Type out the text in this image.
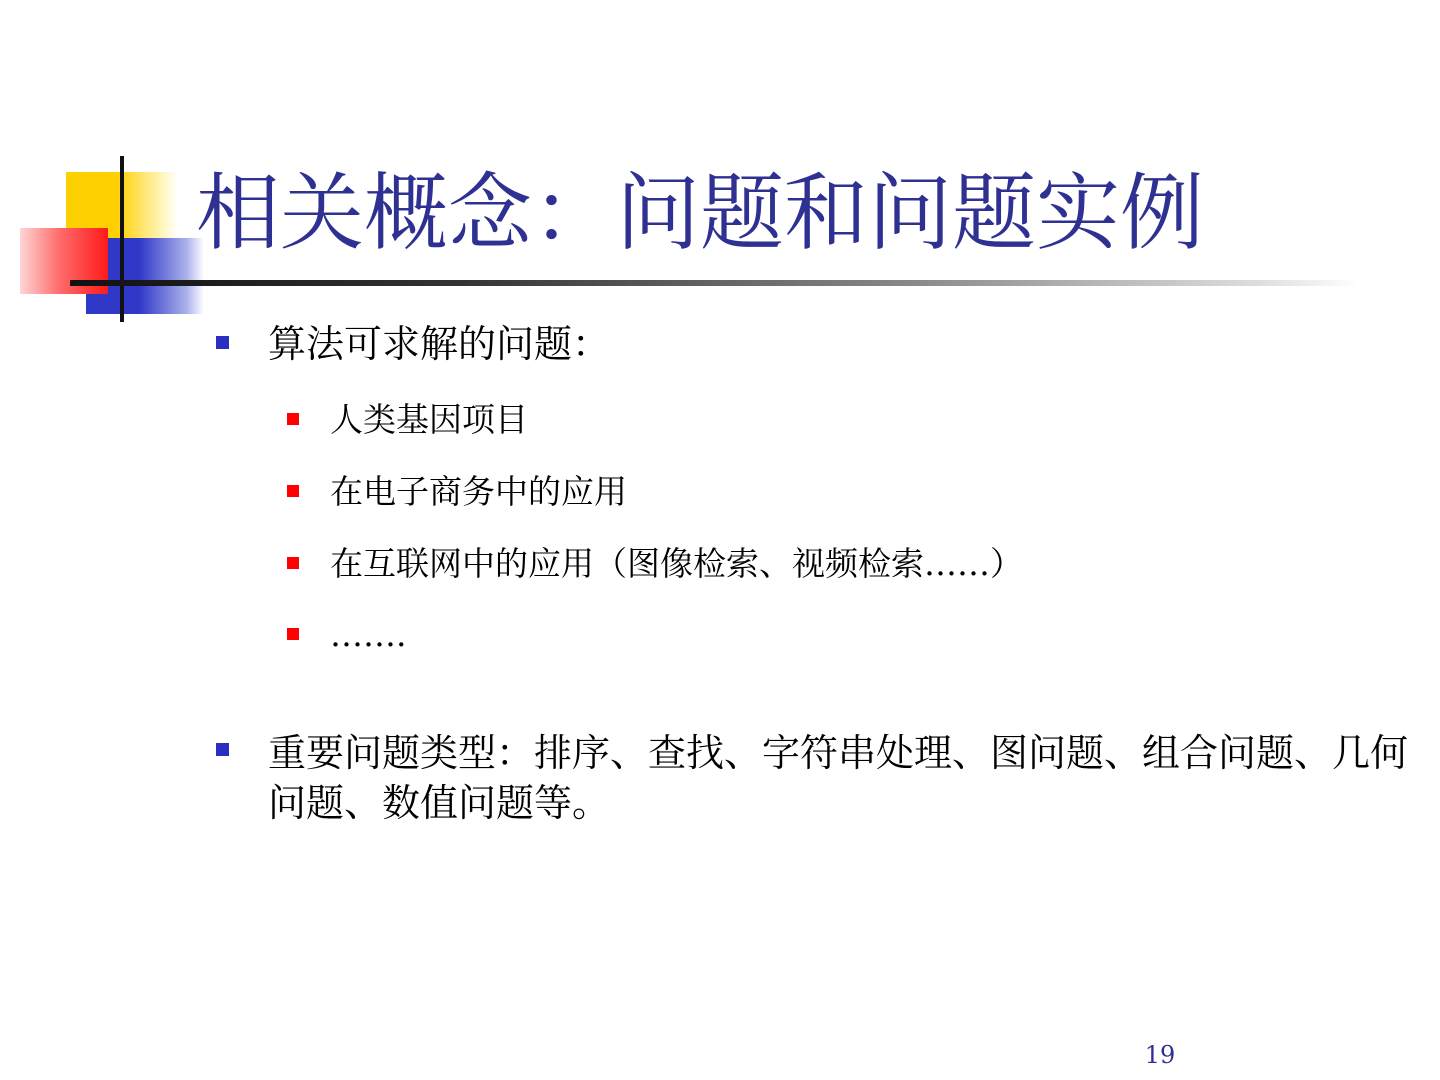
相关概念：问题和问题实例
算法可求解的问题：
人类基因项目
在电子商务中的应用
在互联网中的应用（图像检索、视频检索……）
…….
重要问题类型：排序、查找、字符串处理、图问题、组合问题、几何问题、数值问题等。
19
